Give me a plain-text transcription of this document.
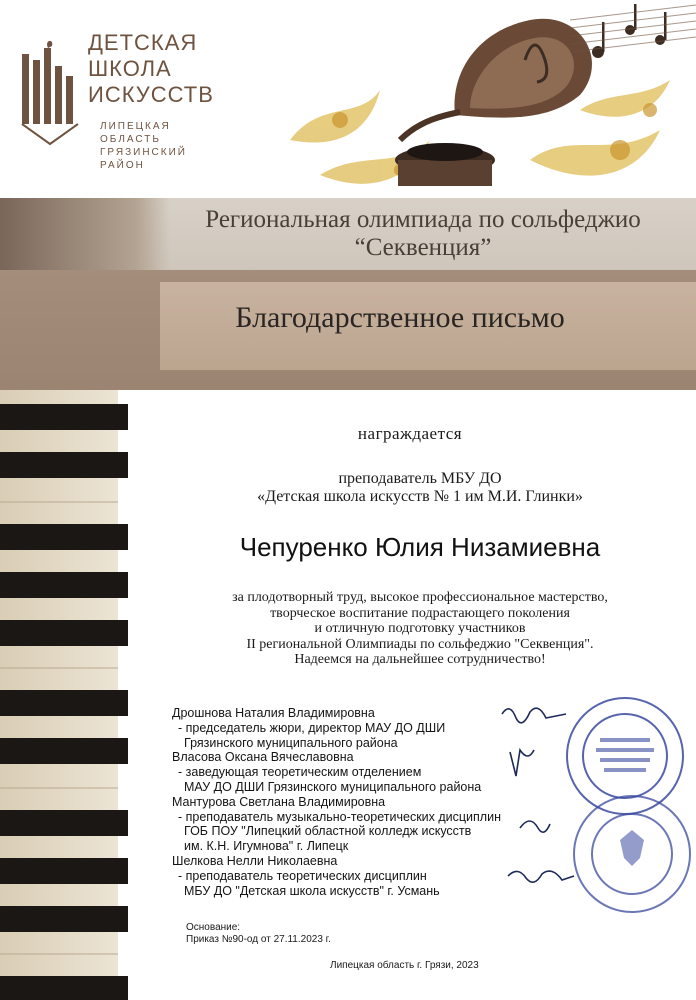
ДЕТСКАЯ
ШКОЛА
ИСКУССТВ
ЛИПЕЦКАЯ
ОБЛАСТЬ ГРЯЗИНСКИЙ
РАЙОН
Региональная олимпиада по сольфеджио
“Секвенция”
Благодарственное письмо
награждается
преподаватель МБУ ДО
«Детская школа искусств № 1 им М.И. Глинки»
Чепуренко Юлия Низамиевна
за плодотворный труд, высокое профессиональное мастерство,
творческое воспитание подрастающего поколения
и отличную подготовку участников
II региональной Олимпиады по сольфеджио "Секвенция".
Надеемся на дальнейшее сотрудничество!
Дрошнова Наталия Владимировна
- председатель жюри, директор МАУ ДО ДШИ
Грязинского муниципального района
Власова Оксана Вячеславовна
- заведующая теоретическим отделением
МАУ ДО ДШИ Грязинского муниципального района
Мантурова Светлана Владимировна
- преподаватель музыкально-теоретических дисциплин
ГОБ ПОУ "Липецкий областной колледж искусств
им. К.Н. Игумнова" г. Липецк
Шелкова Нелли Николаевна
- преподаватель теоретических дисциплин
МБУ ДО "Детская школа искусств" г. Усмань
Основание:
Приказ №90-од от 27.11.2023 г.
Липецкая область г. Грязи, 2023
